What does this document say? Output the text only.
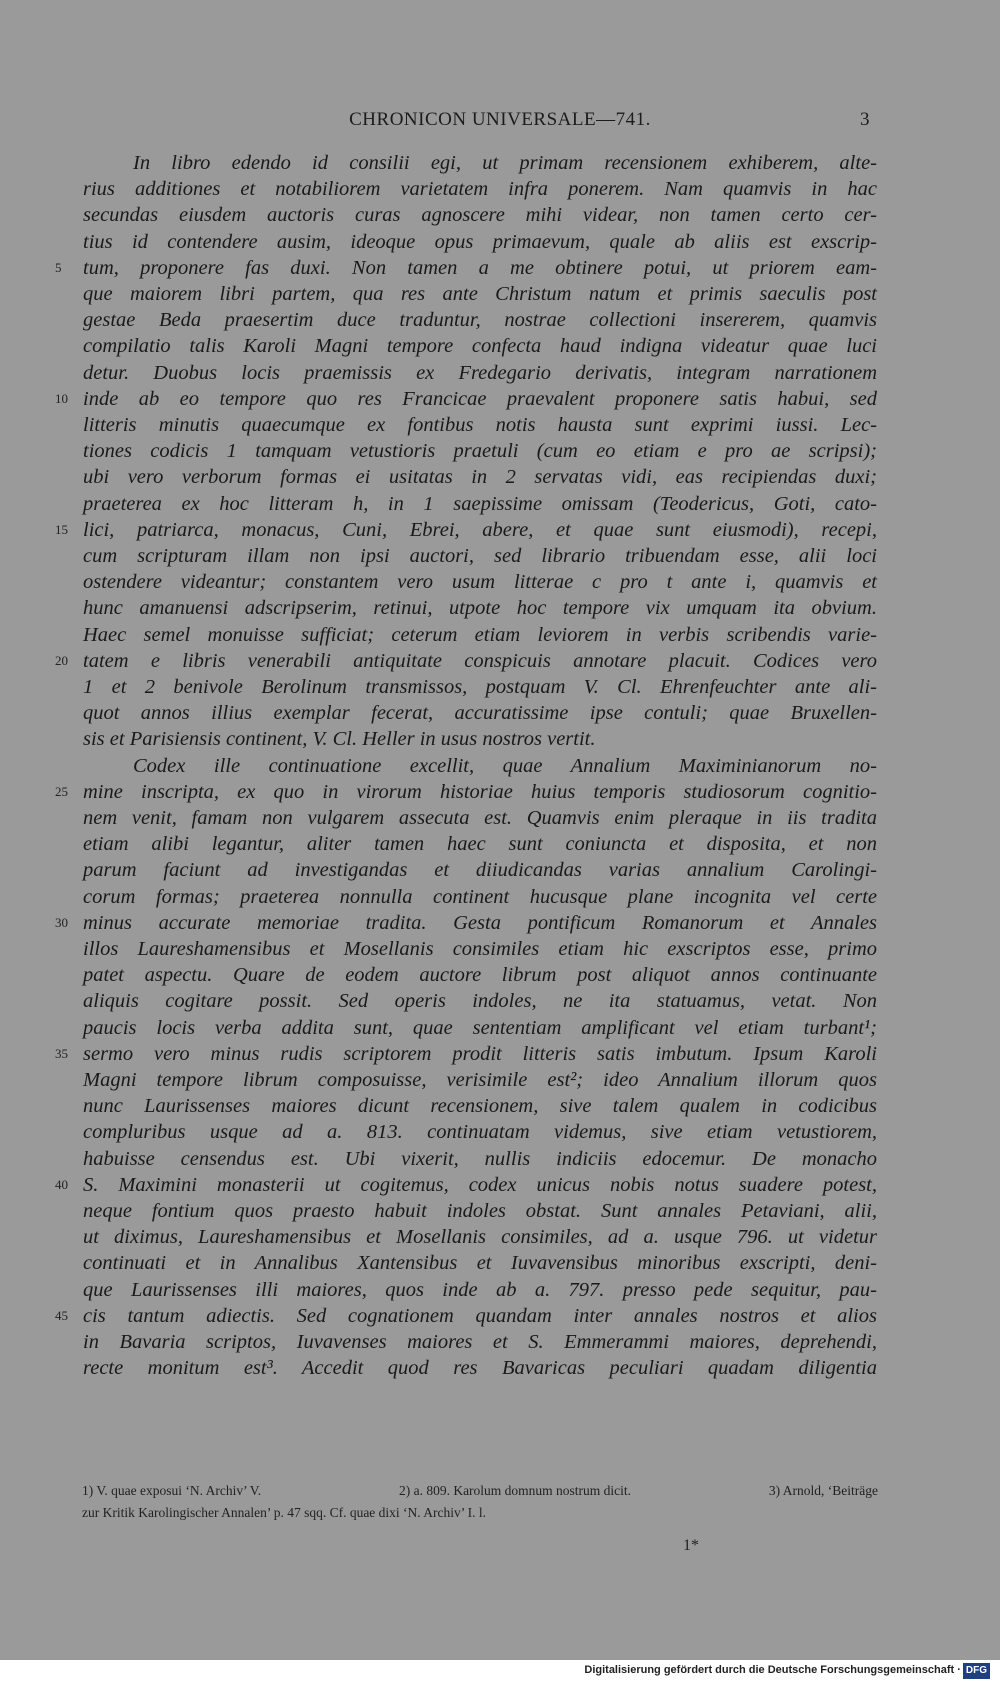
CHRONICON UNIVERSALE—741.	3
In libro edendo id consilii egi, ut primam recensionem exhiberem, alte-
rius additiones et notabiliorem varietatem infra ponerem. Nam quamvis in hac
secundas eiusdem auctoris curas agnoscere mihi videar, non tamen certo cer-
tius id contendere ausim, ideoque opus primaevum, quale ab aliis est exscrip-
tum, proponere fas duxi. Non tamen a me obtinere potui, ut priorem eam-
5
que maiorem libri partem, qua res ante Christum natum et primis saeculis post
gestae Beda praesertim duce traduntur, nostrae collectioni insererem, quamvis
compilatio talis Karoli Magni tempore confecta haud indigna videatur quae luci
detur. Duobus locis praemissis ex Fredegario derivatis, integram narrationem
inde ab eo tempore quo res Francicae praevalent proponere satis habui, sed
10
litteris minutis quaecumque ex fontibus notis hausta sunt exprimi iussi. Lec-
tiones codicis 1 tamquam vetustioris praetuli (cum eo etiam e pro ae scripsi);
ubi vero verborum formas ei usitatas in 2 servatas vidi, eas recipiendas duxi;
praeterea ex hoc litteram h, in 1 saepissime omissam (Teodericus, Goti, cato-
lici, patriarca, monacus, Cuni, Ebrei, abere, et quae sunt eiusmodi), recepi,
15
cum scripturam illam non ipsi auctori, sed librario tribuendam esse, alii loci
ostendere videantur; constantem vero usum litterae c pro t ante i, quamvis et
hunc amanuensi adscripserim, retinui, utpote hoc tempore vix umquam ita obvium.
Haec semel monuisse sufficiat; ceterum etiam leviorem in verbis scribendis varie-
tatem e libris venerabili antiquitate conspicuis annotare placuit. Codices vero
20
1 et 2 benivole Berolinum transmissos, postquam V. Cl. Ehrenfeuchter ante ali-
quot annos illius exemplar fecerat, accuratissime ipse contuli; quae Bruxellen-
sis et Parisiensis continent, V. Cl. Heller in usus nostros vertit.
Codex ille continuatione excellit, quae Annalium Maximinianorum no-
mine inscripta, ex quo in virorum historiae huius temporis studiosorum cognitio-
25
nem venit, famam non vulgarem assecuta est. Quamvis enim pleraque in iis tradita
etiam alibi legantur, aliter tamen haec sunt coniuncta et disposita, et non
parum faciunt ad investigandas et diiudicandas varias annalium Carolingi-
corum formas; praeterea nonnulla continent hucusque plane incognita vel certe
minus accurate memoriae tradita. Gesta pontificum Romanorum et Annales
30
illos Laureshamensibus et Mosellanis consimiles etiam hic exscriptos esse, primo
patet aspectu. Quare de eodem auctore librum post aliquot annos continuante
aliquis cogitare possit. Sed operis indoles, ne ita statuamus, vetat. Non
paucis locis verba addita sunt, quae sententiam amplificant vel etiam turbant¹;
sermo vero minus rudis scriptorem prodit litteris satis imbutum. Ipsum Karoli
35
Magni tempore librum composuisse, verisimile est²; ideo Annalium illorum quos
nunc Laurissenses maiores dicunt recensionem, sive talem qualem in codicibus
compluribus usque ad a. 813. continuatam videmus, sive etiam vetustiorem,
habuisse censendus est. Ubi vixerit, nullis indiciis edocemur. De monacho
S. Maximini monasterii ut cogitemus, codex unicus nobis notus suadere potest,
40
neque fontium quos praesto habuit indoles obstat. Sunt annales Petaviani, alii,
ut diximus, Laureshamensibus et Mosellanis consimiles, ad a. usque 796. ut videtur
continuati et in Annalibus Xantensibus et Iuvavensibus minoribus exscripti, deni-
que Laurissenses illi maiores, quos inde ab a. 797. presso pede sequitur, pau-
cis tantum adiectis. Sed cognationem quandam inter annales nostros et alios
45
in Bavaria scriptos, Iuvavenses maiores et S. Emmerammi maiores, deprehendi,
recte monitum est³. Accedit quod res Bavaricas peculiari quadam diligentia
1) V. quae exposui ‘N. Archiv’ V.	2) a. 809. Karolum domnum nostrum dicit.	3) Arnold, ‘Beiträge
zur Kritik Karolingischer Annalen’ p. 47 sqq. Cf. quae dixi ‘N. Archiv’ I. l.
1*
Digitalisierung gefördert durch die Deutsche Forschungsgemeinschaft · DFG
